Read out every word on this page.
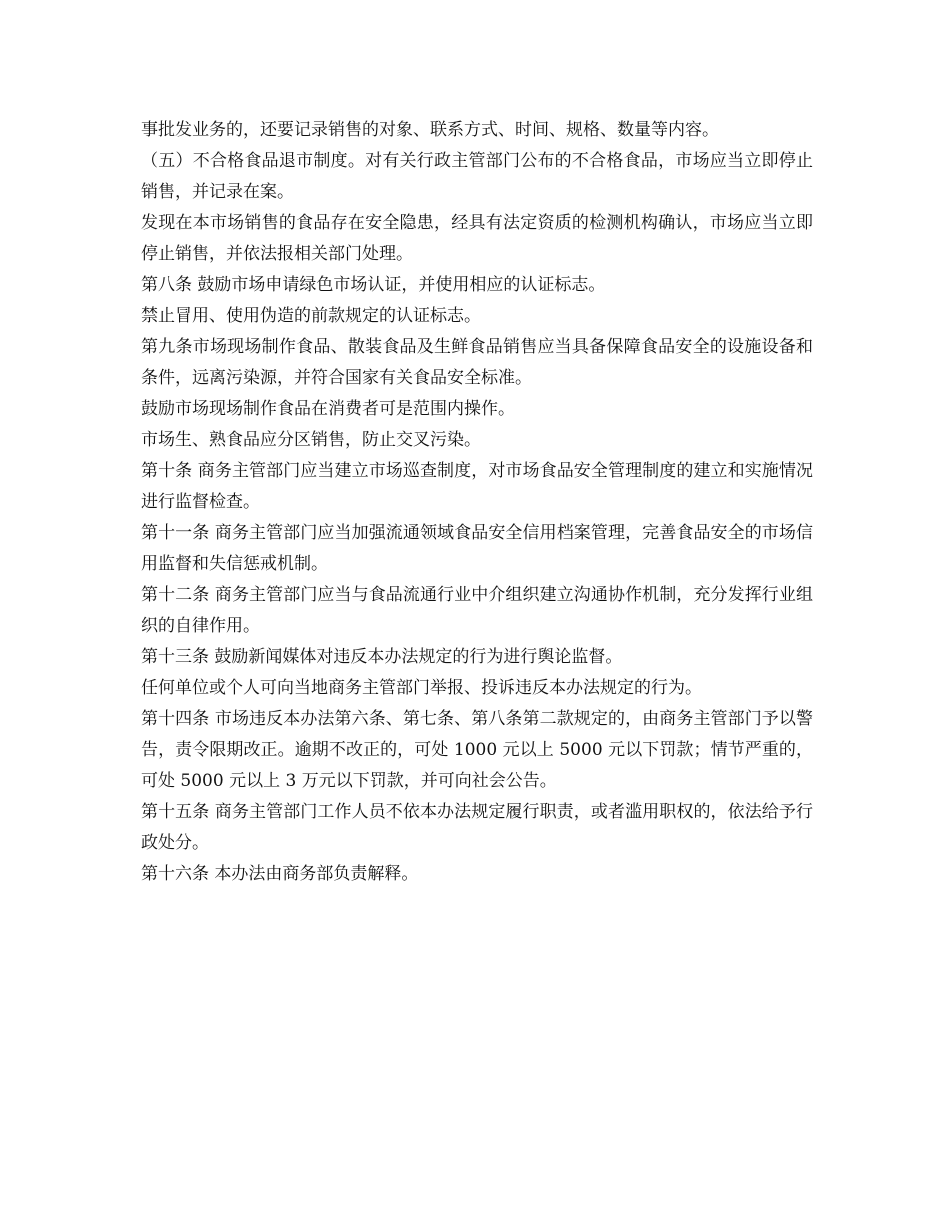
事批发业务的，还要记录销售的对象、联系方式、时间、规格、数量等内容。

（五）不合格食品退市制度。对有关行政主管部门公布的不合格食品，市场应当立即停止销售，并记录在案。

发现在本市场销售的食品存在安全隐患，经具有法定资质的检测机构确认，市场应当立即停止销售，并依法报相关部门处理。

第八条 鼓励市场申请绿色市场认证，并使用相应的认证标志。

禁止冒用、使用伪造的前款规定的认证标志。

第九条市场现场制作食品、散装食品及生鲜食品销售应当具备保障食品安全的设施设备和条件，远离污染源，并符合国家有关食品安全标准。

鼓励市场现场制作食品在消费者可是范围内操作。

市场生、熟食品应分区销售，防止交叉污染。

第十条 商务主管部门应当建立市场巡查制度，对市场食品安全管理制度的建立和实施情况进行监督检查。

第十一条 商务主管部门应当加强流通领域食品安全信用档案管理，完善食品安全的市场信用监督和失信惩戒机制。

第十二条 商务主管部门应当与食品流通行业中介组织建立沟通协作机制，充分发挥行业组织的自律作用。

第十三条 鼓励新闻媒体对违反本办法规定的行为进行舆论监督。

任何单位或个人可向当地商务主管部门举报、投诉违反本办法规定的行为。

第十四条 市场违反本办法第六条、第七条、第八条第二款规定的，由商务主管部门予以警告，责令限期改正。逾期不改正的，可处 1000 元以上 5000 元以下罚款；情节严重的，可处 5000 元以上 3 万元以下罚款，并可向社会公告。

第十五条 商务主管部门工作人员不依本办法规定履行职责，或者滥用职权的，依法给予行政处分。

第十六条 本办法由商务部负责解释。
